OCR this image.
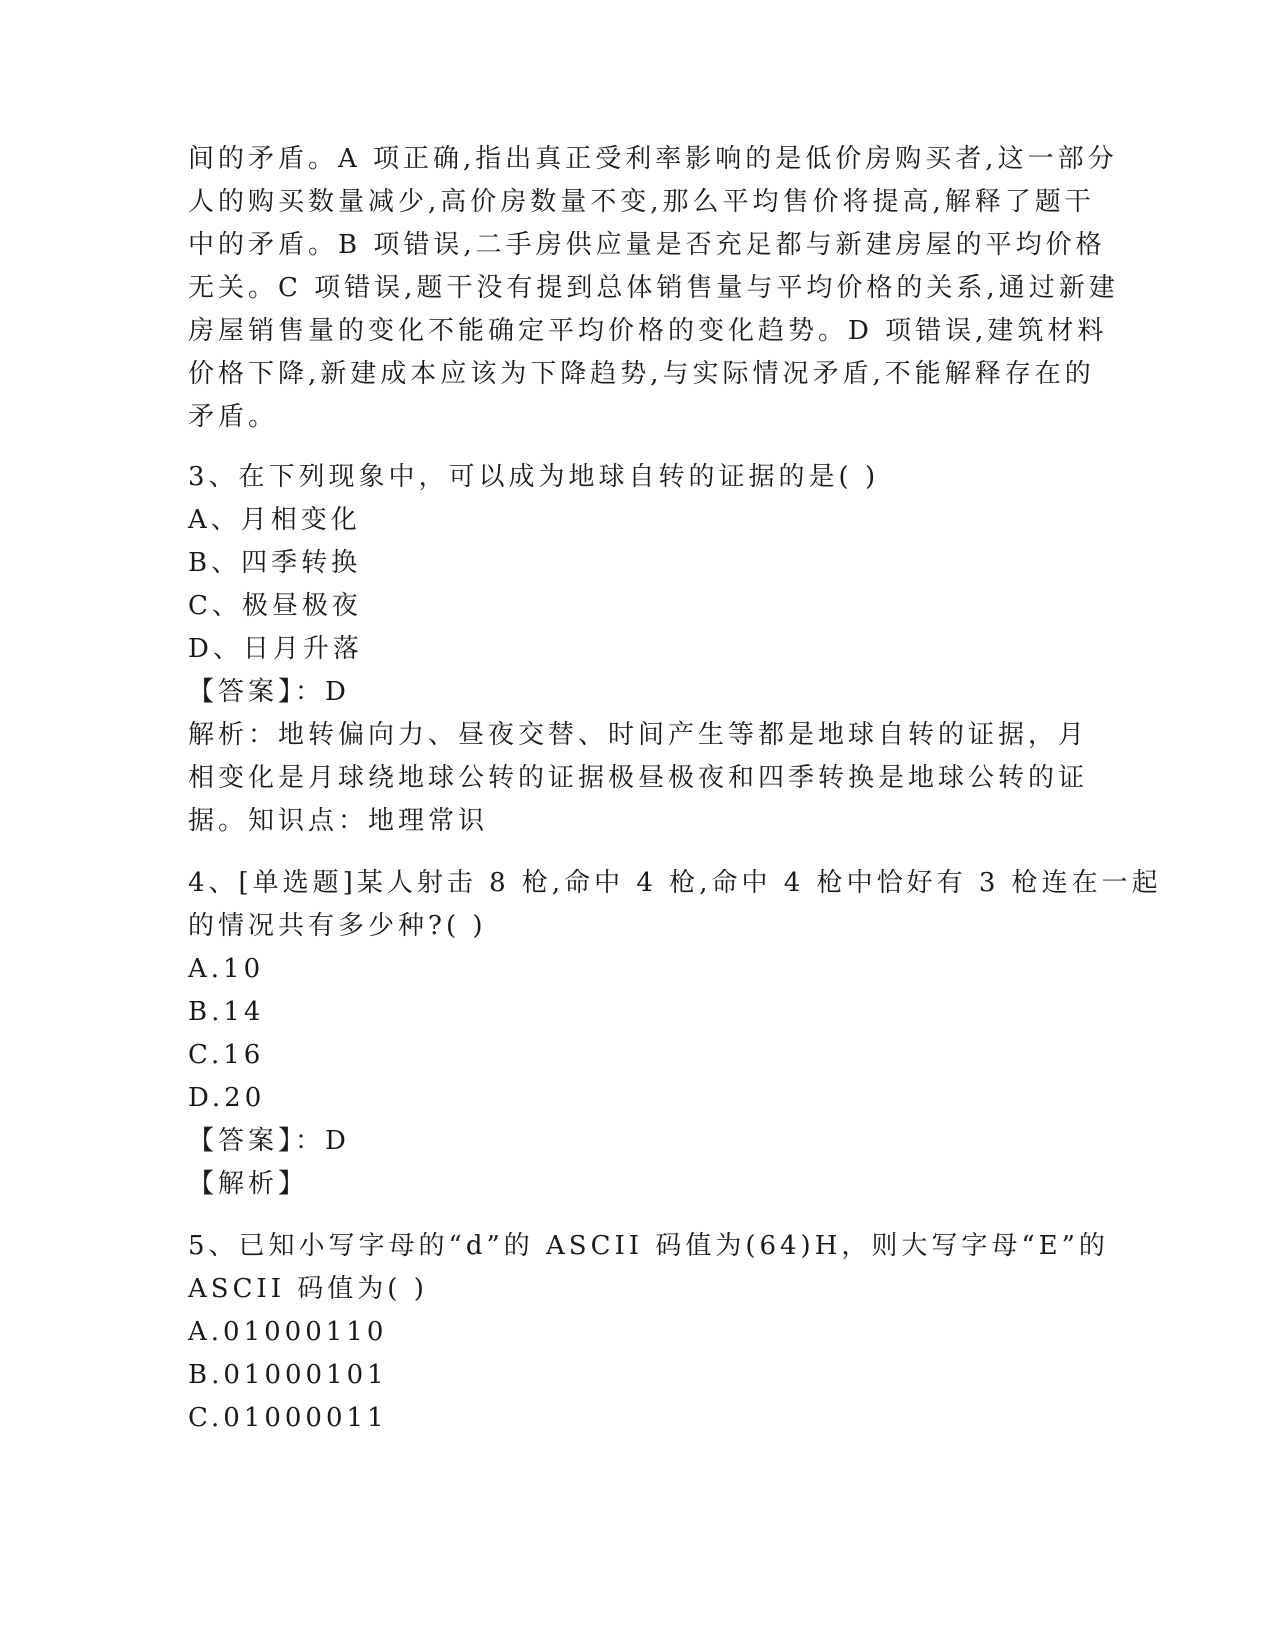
间的矛盾。A 项正确,指出真正受利率影响的是低价房购买者,这一部分
人的购买数量减少,高价房数量不变,那么平均售价将提高,解释了题干
中的矛盾。B 项错误,二手房供应量是否充足都与新建房屋的平均价格
无关。C 项错误,题干没有提到总体销售量与平均价格的关系,通过新建
房屋销售量的变化不能确定平均价格的变化趋势。D 项错误,建筑材料
价格下降,新建成本应该为下降趋势,与实际情况矛盾,不能解释存在的
矛盾。
3、在下列现象中，可以成为地球自转的证据的是( )
A、月相变化
B、四季转换
C、极昼极夜
D、日月升落
【答案】：D
解析：地转偏向力、昼夜交替、时间产生等都是地球自转的证据，月
相变化是月球绕地球公转的证据极昼极夜和四季转换是地球公转的证
据。知识点：地理常识
4、[单选题]某人射击 8 枪,命中 4 枪,命中 4 枪中恰好有 3 枪连在一起
的情况共有多少种?( )
A.10
B.14
C.16
D.20
【答案】：D
【解析】
5、已知小写字母的“d”的 ASCII 码值为(64)H，则大写字母“E”的
ASCII 码值为( )
A.01000110
B.01000101
C.01000011
